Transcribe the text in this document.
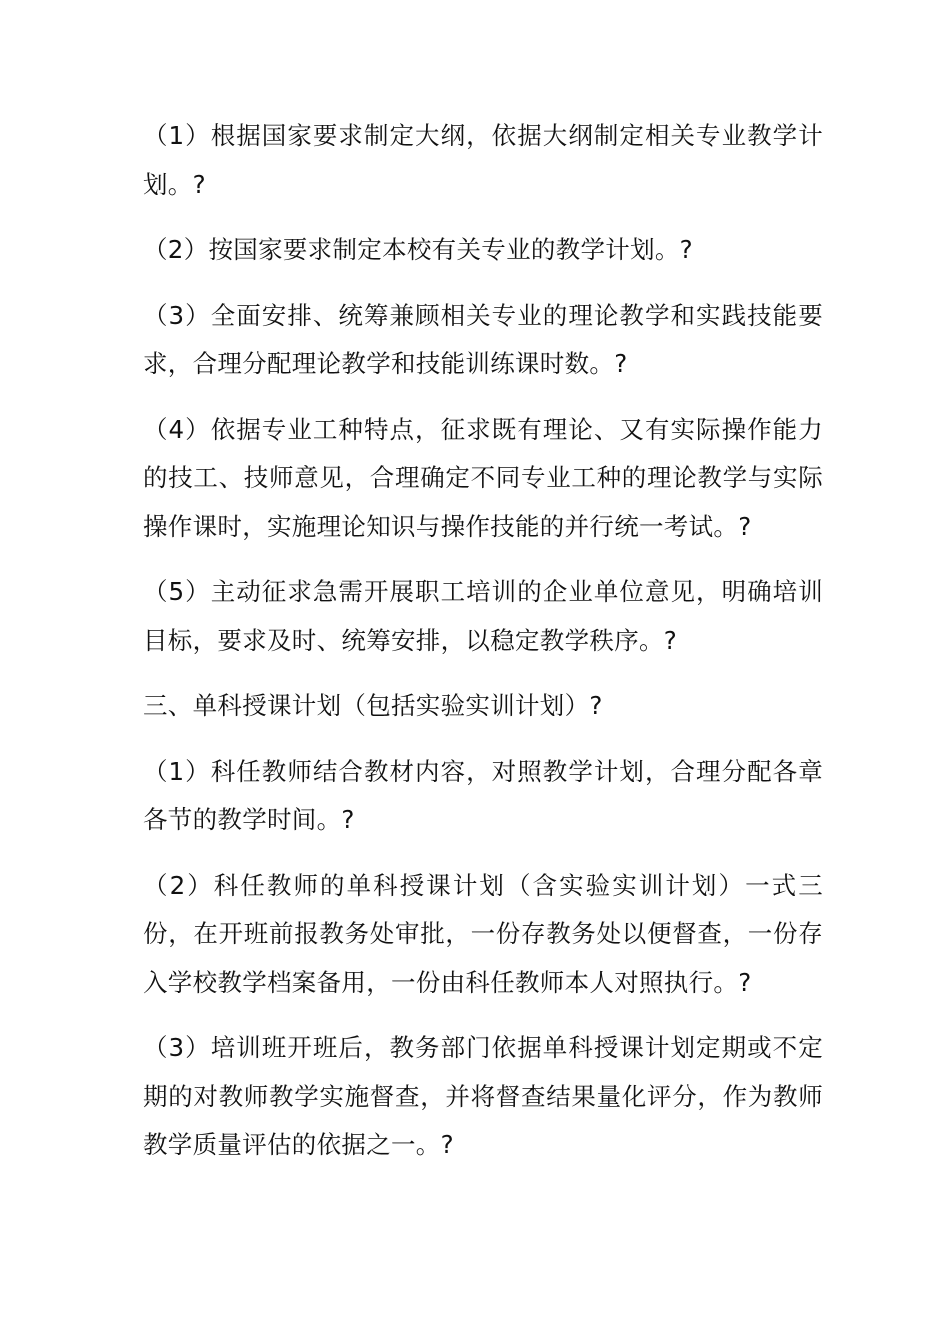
（1）根据国家要求制定大纲，依据大纲制定相关专业教学计划。?

（2）按国家要求制定本校有关专业的教学计划。?

（3）全面安排、统筹兼顾相关专业的理论教学和实践技能要求，合理分配理论教学和技能训练课时数。?

（4）依据专业工种特点，征求既有理论、又有实际操作能力的技工、技师意见，合理确定不同专业工种的理论教学与实际操作课时，实施理论知识与操作技能的并行统一考试。?

（5）主动征求急需开展职工培训的企业单位意见，明确培训目标，要求及时、统筹安排，以稳定教学秩序。?

三、单科授课计划（包括实验实训计划）?

（1）科任教师结合教材内容，对照教学计划，合理分配各章各节的教学时间。?

（2）科任教师的单科授课计划（含实验实训计划）一式三份，在开班前报教务处审批，一份存教务处以便督查，一份存入学校教学档案备用，一份由科任教师本人对照执行。?

（3）培训班开班后，教务部门依据单科授课计划定期或不定期的对教师教学实施督查，并将督查结果量化评分，作为教师教学质量评估的依据之一。?
